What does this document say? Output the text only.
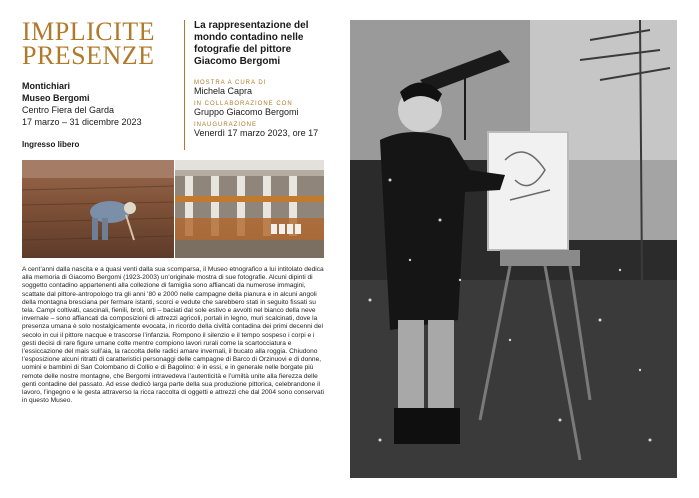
IMPLICITE
PRESENZE
La rappresentazione del mondo contadino nelle fotografie del pittore Giacomo Bergomi
Montichiari
Museo Bergomi
Centro Fiera del Garda
17 marzo – 31 dicembre 2023
Ingresso libero
MOSTRA A CURA DI
Michela Capra
IN COLLABORAZIONE CON
Gruppo Giacomo Bergomi
INAUGURAZIONE
Venerdì 17 marzo 2023, ore 17
A cent’anni dalla nascita e a quasi venti dalla sua scomparsa, il Museo etnografico a lui intitolato dedica alla memoria di Giacomo Bergomi (1923-2003) un’originale mostra di sue fotografie. Alcuni dipinti di soggetto contadino appartenenti alla collezione di famiglia sono affiancati da numerose immagini, scattate dal pittore-antropologo tra gli anni ’80 e 2000 nelle campagne della pianura e in alcuni angoli della montagna bresciana per fermare istanti, scorci e vedute che sarebbero stati in seguito fissati su tela. Campi coltivati, cascinali, fienili, broli, orti – baciati dal sole estivo e avvolti nel bianco della neve invernale – sono affiancati da composizioni di attrezzi agricoli, portali in legno, muri scalcinati, dove la presenza umana è solo nostalgicamente evocata, in ricordo della civiltà contadina dei primi decenni del secolo in cui il pittore nacque e trascorse l’infanzia. Rompono il silenzio e il tempo sospeso i corpi e i gesti decisi di rare figure umane colte mentre compiono lavori rurali come la scartocciatura e l’essiccazione del mais sull’aia, la raccolta delle radici amare invernali, il bucato alla roggia. Chiudono l’esposizione alcuni ritratti di caratteristici personaggi delle campagne di Barco di Orzinuovi e di donne, uomini e bambini di San Colombano di Collio e di Bagolino: è in essi, e in generale nelle borgate più remote delle nostre montagne, che Bergomi intravedeva l’autenticità e l’umiltà unite alla fierezza delle genti contadine del passato. Ad esse dedicò larga parte della sua produzione pittorica, celebrandone il lavoro, l’ingegno e le gesta attraverso la ricca raccolta di oggetti e attrezzi che dal 2004 sono conservati in questo Museo.
